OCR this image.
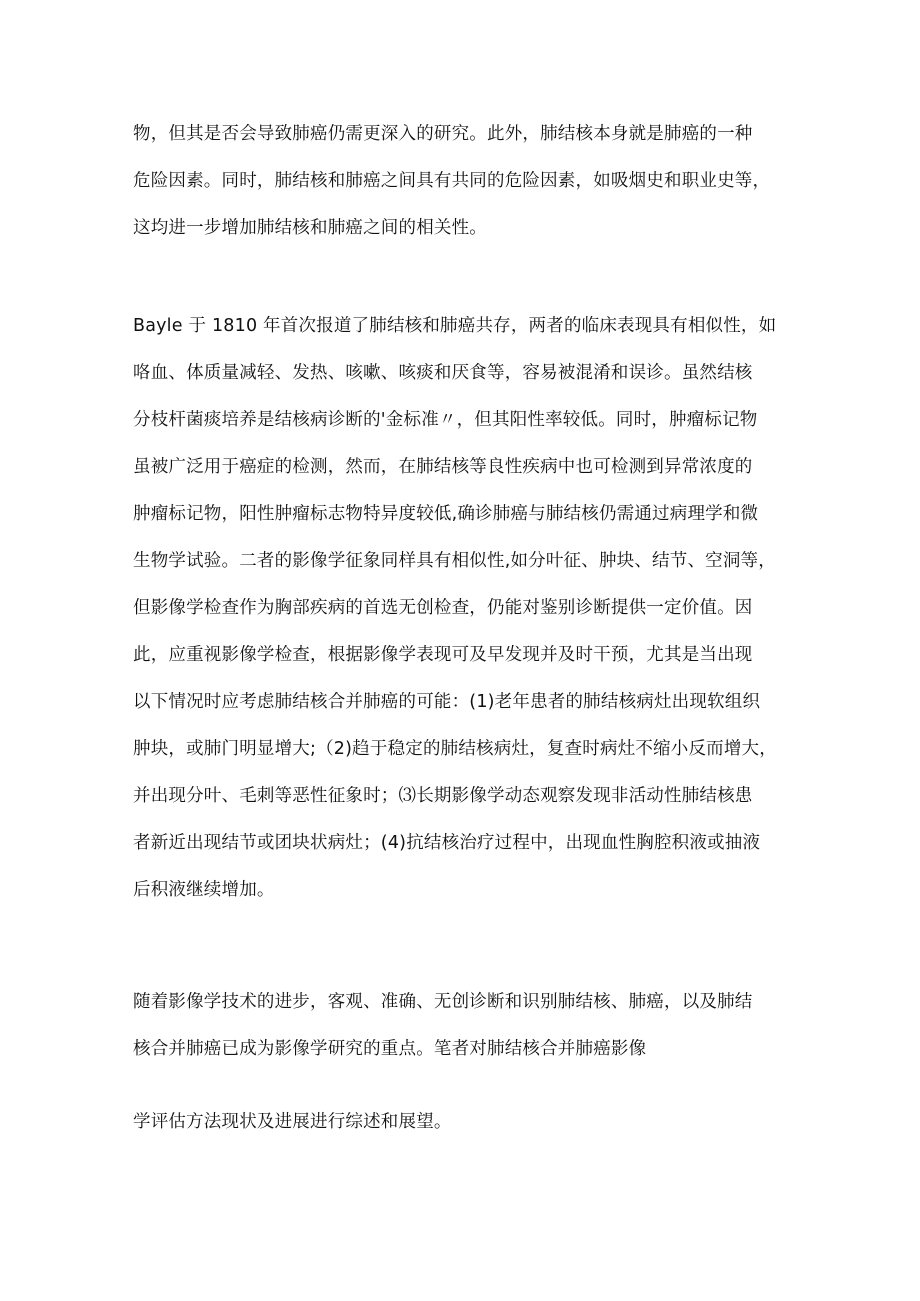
物，但其是否会导致肺癌仍需更深入的研究。此外，肺结核本身就是肺癌的一种
危险因素。同时，肺结核和肺癌之间具有共同的危险因素，如吸烟史和职业史等，
这均进一步增加肺结核和肺癌之间的相关性。
Bayle 于 1810 年首次报道了肺结核和肺癌共存，两者的临床表现具有相似性，如
咯血、体质量减轻、发热、咳嗽、咳痰和厌食等，容易被混淆和误诊。虽然结核
分枝杆菌痰培养是结核病诊断的'金标准〃，但其阳性率较低。同时，肿瘤标记物
虽被广泛用于癌症的检测，然而，在肺结核等良性疾病中也可检测到异常浓度的
肿瘤标记物，阳性肿瘤标志物特异度较低,确诊肺癌与肺结核仍需通过病理学和微
生物学试验。二者的影像学征象同样具有相似性,如分叶征、肿块、结节、空洞等，
但影像学检查作为胸部疾病的首选无创检查，仍能对鉴别诊断提供一定价值。因
此，应重视影像学检查，根据影像学表现可及早发现并及时干预，尤其是当出现
以下情况时应考虑肺结核合并肺癌的可能：(1)老年患者的肺结核病灶出现软组织
肿块，或肺门明显增大;（2)趋于稳定的肺结核病灶，复查时病灶不缩小反而增大，
并出现分叶、毛刺等恶性征象时；⑶长期影像学动态观察发现非活动性肺结核患
者新近出现结节或团块状病灶；(4)抗结核治疗过程中，出现血性胸腔积液或抽液
后积液继续增加。
随着影像学技术的进步，客观、准确、无创诊断和识别肺结核、肺癌，以及肺结
核合并肺癌已成为影像学研究的重点。笔者对肺结核合并肺癌影像
学评估方法现状及进展进行综述和展望。
